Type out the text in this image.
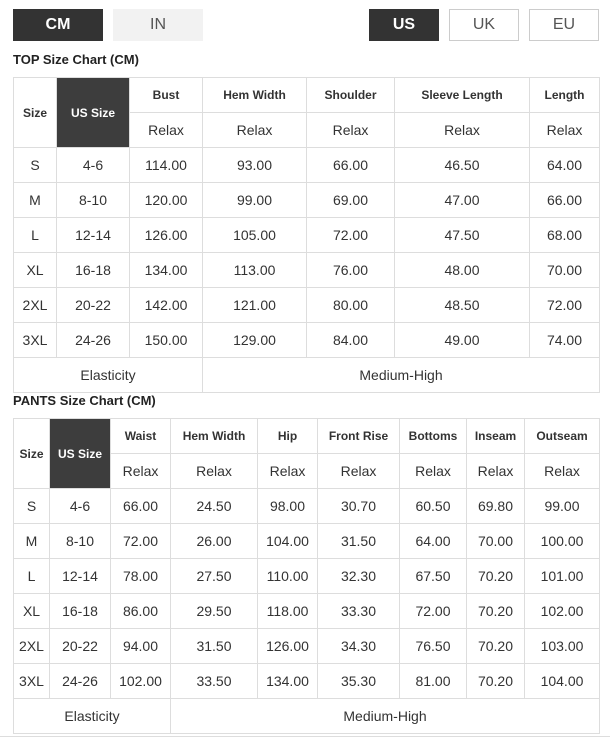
CM	IN	US	UK	EU
TOP Size Chart (CM)
Size	US Size	Bust	Hem Width	Shoulder	Sleeve Length	Length
		Relax	Relax	Relax	Relax	Relax
S	4-6	114.00	93.00	66.00	46.50	64.00
M	8-10	120.00	99.00	69.00	47.00	66.00
L	12-14	126.00	105.00	72.00	47.50	68.00
XL	16-18	134.00	113.00	76.00	48.00	70.00
2XL	20-22	142.00	121.00	80.00	48.50	72.00
3XL	24-26	150.00	129.00	84.00	49.00	74.00
Elasticity			Medium-High			
PANTS Size Chart (CM)
Size	US Size	Waist	Hem Width	Hip	Front Rise	Bottoms	Inseam	Outseam
		Relax	Relax	Relax	Relax	Relax	Relax	Relax
S	4-6	66.00	24.50	98.00	30.70	60.50	69.80	99.00
M	8-10	72.00	26.00	104.00	31.50	64.00	70.00	100.00
L	12-14	78.00	27.50	110.00	32.30	67.50	70.20	101.00
XL	16-18	86.00	29.50	118.00	33.30	72.00	70.20	102.00
2XL	20-22	94.00	31.50	126.00	34.30	76.50	70.20	103.00
3XL	24-26	102.00	33.50	134.00	35.30	81.00	70.20	104.00
Elasticity			Medium-High					
